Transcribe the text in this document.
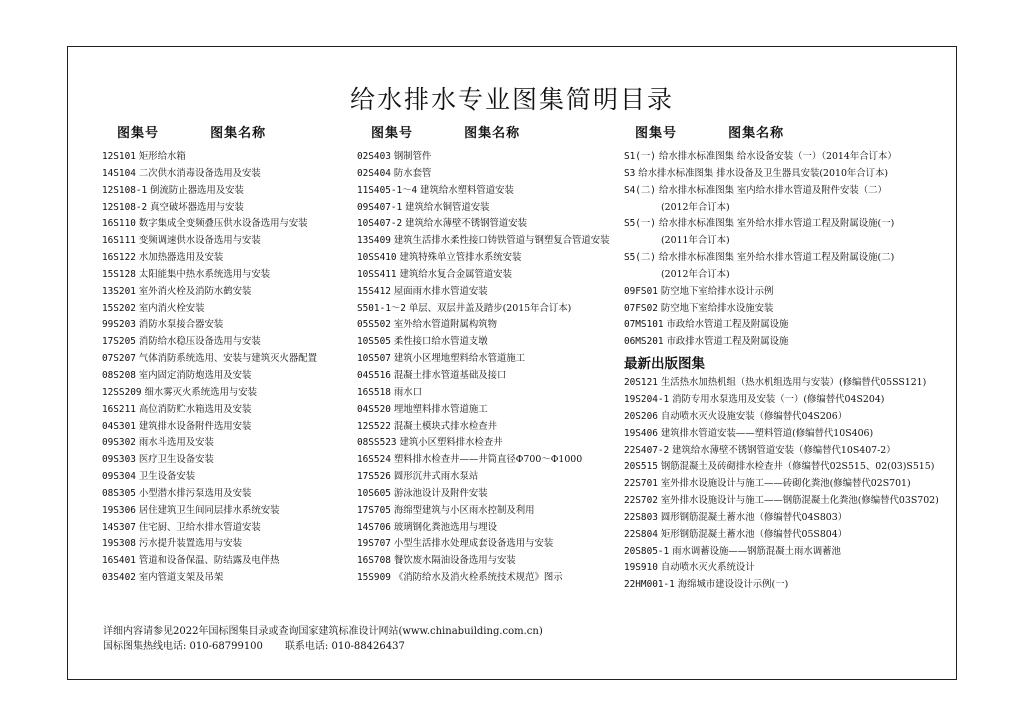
给水排水专业图集简明目录
图集号	图集名称	图集号	图集名称	图集号	图集名称
12S101 矩形给水箱
14S104 二次供水消毒设备选用及安装
12S108-1 倒流防止器选用及安装
12S108-2 真空破坏器选用与安装
16S110 数字集成全变频叠压供水设备选用与安装
16S111 变频调速供水设备选用与安装
16S122 水加热器选用及安装
15S128 太阳能集中热水系统选用与安装
13S201 室外消火栓及消防水鹤安装
15S202 室内消火栓安装
99S203 消防水泵接合器安装
17S205 消防给水稳压设备选用与安装
07S207 气体消防系统选用、安装与建筑灭火器配置
08S208 室内固定消防炮选用及安装
12SS209 细水雾灭火系统选用与安装
16S211 高位消防贮水箱选用及安装
04S301 建筑排水设备附件选用安装
09S302 雨水斗选用及安装
09S303 医疗卫生设备安装
09S304 卫生设备安装
08S305 小型潜水排污泵选用及安装
19S306 居住建筑卫生间同层排水系统安装
14S307 住宅厨、卫给水排水管道安装
19S308 污水提升装置选用与安装
16S401 管道和设备保温、防结露及电伴热
03S402 室内管道支架及吊架
02S403 钢制管件
02S404 防水套管
11S405-1～4 建筑给水塑料管道安装
09S407-1 建筑给水铜管道安装
10S407-2 建筑给水薄壁不锈钢管道安装
13S409 建筑生活排水柔性接口铸铁管道与钢塑复合管道安装
10SS410 建筑特殊单立管排水系统安装
10SS411 建筑给水复合金属管道安装
15S412 屋面雨水排水管道安装
S501-1～2 单层、双层井盖及踏步(2015年合订本)
05S502 室外给水管道附属构筑物
10S505 柔性接口给水管道支墩
10S507 建筑小区埋地塑料给水管道施工
04S516 混凝土排水管道基础及接口
16S518 雨水口
04S520 埋地塑料排水管道施工
12S522 混凝土模块式排水检查井
08SS523 建筑小区塑料排水检查井
16S524 塑料排水检查井——井筒直径Φ700～Φ1000
17S526 圆形沉井式雨水泵站
10S605 游泳池设计及附件安装
17S705 海绵型建筑与小区雨水控制及利用
14S706 玻璃钢化粪池选用与埋设
19S707 小型生活排水处理成套设备选用与安装
16S708 餐饮废水隔油设备选用与安装
15S909 《消防给水及消火栓系统技术规范》图示
S1(一) 给水排水标准图集 给水设备安装（一）（2014年合订本）
S3 给水排水标准图集 排水设备及卫生器具安装(2010年合订本)
S4(二) 给水排水标准图集 室内给水排水管道及附件安装（二）
(2012年合订本)
S5(一) 给水排水标准图集 室外给水排水管道工程及附属设施(一)
(2011年合订本)
S5(二) 给水排水标准图集 室外给水排水管道工程及附属设施(二)
(2012年合订本)
09FS01 防空地下室给排水设计示例
07FS02 防空地下室给排水设施安装
07MS101 市政给水管道工程及附属设施
06MS201 市政排水管道工程及附属设施
最新出版图集
20S121 生活热水加热机组（热水机组选用与安装）(修编替代05SS121)
19S204-1 消防专用水泵选用及安装（一）(修编替代04S204)
20S206 自动喷水灭火设施安装（修编替代04S206）
19S406 建筑排水管道安装——塑料管道(修编替代10S406)
22S407-2 建筑给水薄壁不锈钢管道安装（修编替代10S407-2）
20S515 钢筋混凝土及砖砌排水检查井（修编替代02S515、02(03)S515)
22S701 室外排水设施设计与施工——砖砌化粪池(修编替代02S701)
22S702 室外排水设施设计与施工——钢筋混凝土化粪池(修编替代03S702)
22S803 圆形钢筋混凝土蓄水池（修编替代04S803）
22S804 矩形钢筋混凝土蓄水池（修编替代05S804）
20S805-1 雨水调蓄设施——钢筋混凝土雨水调蓄池
19S910 自动喷水灭火系统设计
22HM001-1 海绵城市建设设计示例(一)
详细内容请参见2022年国标图集目录或查询国家建筑标准设计网站(www.chinabuilding.com.cn)
国标图集热线电话: 010-68799100 联系电话: 010-88426437
